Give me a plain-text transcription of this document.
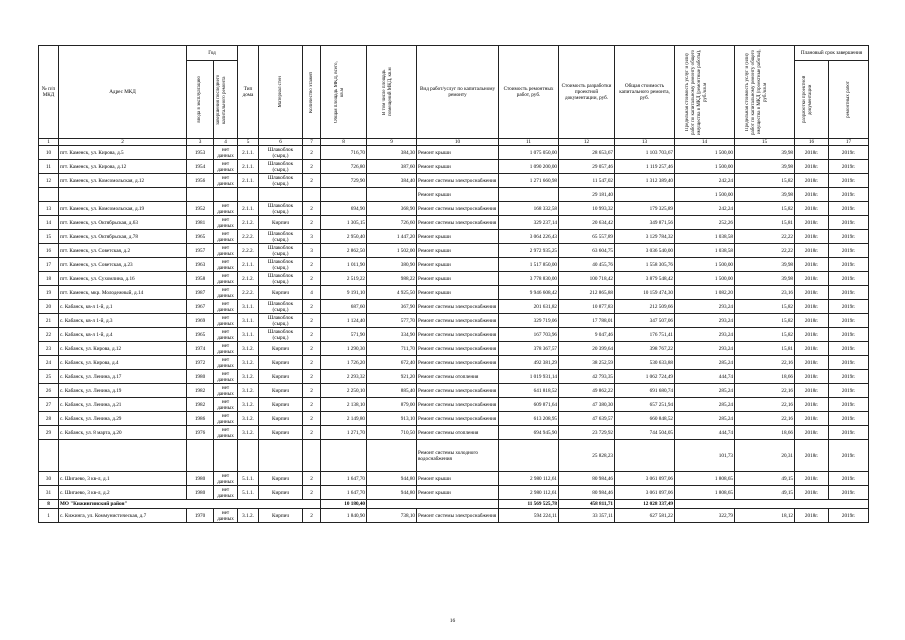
№ п/п МКД	Адрес МКД	Год		Тип дома	Материал стен	Количество этажей	Общая площадь МКД, всего, кв.м	В том числе площадь помещений МКД, кв.м	Вид работ/услуг по капитальному ремонту	Стоимость ремонтных работ, руб.	Стоимость разработки проектной документации, руб.	Общая стоимость капитального ремонта, руб.	Предельная стоимость услуг и (или) работ по капитальному ремонту общего имущества в МКД (ремонтные работы), руб./кв.м	Предельная стоимость услуг и (или) работ по капитальному ремонту общего имущества в МКД (проектные работы), руб./кв.м	Плановый срок завершения	

		ввода в эксплуатацию	завершения последнего капитального ремонта												разработки проектной документации	ремонтных работ

1	2	3	4	5	6	7	8	9	10	11	12	13	14	15	16	17
10	пгт. Каменск, ул. Кирова, д.5	1953	нет данных	2.1.1.	Шлакоблок (сырц.)	2	716,70	384,30	Ремонт крыши	1 075 050,00	28 653,67	1 103 703,67	1 500,00	39,98	2018г.	2019г.
11	пгт. Каменск, ул. Кирова, д.12	1954	нет данных	2.1.1.	Шлакоблок (сырц.)	2	726,80	387,60	Ремонт крыши	1 090 200,00	29 057,46	1 119 257,46	1 500,00	39,98	2018г.	2019г.
12	пгт. Каменск, ул. Комсомольская, д.12	1956	нет данных	2.1.1.	Шлакоблок (сырц.)	2	729,90	384,40	Ремонт системы электроснабжения	1 271 660,98	11 547,02	1 312 389,40	242,24	15,82	2018г.	2019г.
									Ремонт крыши		29 181,40		1 500,00	39,98	2018г.	2019г.
13	пгт. Каменск, ул. Комсомольская, д.19	1952	нет данных	2.1.1.	Шлакоблок (сырц.)	2	694,90	368,90	Ремонт системы электроснабжения	168 332,58	10 993,32	179 325,89	242,24	15,82	2018г.	2019г.
14	пгт. Каменск, ул. Октябрьская, д.63	1981	нет данных	2.1.2.	Кирпич	2	1 305,15	726,60	Ремонт системы электроснабжения	329 237,14	20 634,42	349 871,56	252,26	15,81	2018г.	2019г.
15	пгт. Каменск, ул. Октябрьская, д.78	1965	нет данных	2.2.2.	Шлакоблок (сырц.)	3	2 950,40	1 447,20	Ремонт крыши	3 064 226,43	65 557,89	3 129 784,32	1 038,58	22,22	2018г.	2019г.
16	пгт. Каменск, ул. Советская, д.2	1957	нет данных	2.2.2.	Шлакоблок (сырц.)	3	2 862,50	1 502,00	Ремонт крыши	2 972 935,25	63 604,75	3 036 540,00	1 038,58	22,22	2018г.	2019г.
17	пгт. Каменск, ул. Советская, д.23	1963	нет данных	2.1.1.	Шлакоблок (сырц.)	2	1 011,90	380,90	Ремонт крыши	1 517 850,00	40 455,76	1 558 305,76	1 500,00	39,98	2018г.	2019г.
18	пгт. Каменск, ул. Сухомлина, д.16	1958	нет данных	2.1.2.	Шлакоблок (сырц.)	2	2 519,22	988,22	Ремонт крыши	3 778 830,00	100 718,42	3 879 548,42	1 500,00	39,98	2018г.	2019г.
19	пгт. Каменск, мкр. Молодежный, д.14	1987	нет данных	2.2.2.	Кирпич	4	9 191,10	4 925,50	Ремонт крыши	9 946 608,42	212 865,88	10 159 474,30	1 082,20	23,16	2018г.	2019г.
20	с. Кабанск, кв-л 1-й, д.1	1967	нет данных	3.1.1.	Шлакоблок (сырц.)	2	687,60	367,90	Ремонт системы электроснабжения	201 631,82	10 877,83	212 509,66	293,24	15,82	2018г.	2019г.
21	с. Кабанск, кв-л 1-й, д.3	1969	нет данных	3.1.1.	Шлакоблок (сырц.)	2	1 124,40	577,70	Ремонт системы электроснабжения	329 719,06	17 788,01	347 507,06	293,24	15,82	2018г.	2019г.
22	с. Кабанск, кв-л 1-й, д.4	1965	нет данных	3.1.1.	Шлакоблок (сырц.)	2	571,90	334,90	Ремонт системы электроснабжения	167 703,96	9 047,46	176 751,41	293,24	15,82	2018г.	2019г.
23	с. Кабанск, ул. Кирова, д.12	1974	нет данных	3.1.2.	Кирпич	2	1 290,30	711,70	Ремонт системы электроснабжения	378 367,57	20 399,64	398 767,22	293,24	15,81	2018г.	2019г.
24	с. Кабанск, ул. Кирова, д.4	1972	нет данных	3.1.2.	Кирпич	2	1 726,20	672,40	Ремонт системы электроснабжения	492 381,29	38 252,59	530 633,88	285,24	22,16	2018г.	2019г.
25	с. Кабанск, ул. Ленина, д.17	1980	нет данных	3.1.2.	Кирпич	2	2 293,32	921,20	Ремонт системы отопления	1 019 931,14	42 793,35	1 062 724,49	444,74	18,66	2018г.	2019г.
26	с. Кабанск, ул. Ленина, д.19	1982	нет данных	3.1.2.	Кирпич	2	2 250,10	885,40	Ремонт системы электроснабжения	641 818,52	49 862,22	691 680,74	285,24	22,16	2018г.	2019г.
27	с. Кабанск, ул. Ленина, д.21	1982	нет данных	3.1.2.	Кирпич	2	2 138,10	879,00	Ремонт системы электроснабжения	609 871,64	47 380,30	657 251,94	285,24	22,16	2018г.	2019г.
28	с. Кабанск, ул. Ленина, д.29	1986	нет данных	3.1.2.	Кирпич	2	2 149,80	913,10	Ремонт системы электроснабжения	613 208,95	47 639,57	660 848,52	285,24	22,16	2018г.	2019г.
29	с. Кабанск, ул. 8 марта, д.20	1976	нет данных	3.1.2.	Кирпич	2	1 271,70	710,50	Ремонт системы отопления	694 945,90	23 729,92	744 504,05	444,74	18,66	2018г.	2019г.
									Ремонт системы холодного водоснабжения		25 828,23		101,73	20,31	2018г.	2019г.
30	с. Шигаево, 3 кв-л, д.1	1980	нет данных	5.1.1.	Кирпич	2	1 647,70	944,80	Ремонт крыши	2 980 112,61	80 984,46	3 061 097,06	1 808,65	49,15	2018г.	2019г.
31	с. Шигаево, 3 кв-л, д.2	1980	нет данных	5.1.1.	Кирпич	2	1 647,70	944,80	Ремонт крыши	2 980 112,61	80 984,46	3 061 097,06	1 808,65	49,15	2018г.	2019г.
8	МО "Кижингинский район"						10 180,40			11 569 525,78	458 811,71	12 028 337,49				
1	с. Кижинга, ул. Коммунистическая, д.7	1970	нет данных	3.1.2.	Кирпич	2	1 840,90	738,10	Ремонт системы электроснабжения	594 224,11	33 357,11	627 581,22	322,79	18,12	2018г.	2019г.
16
